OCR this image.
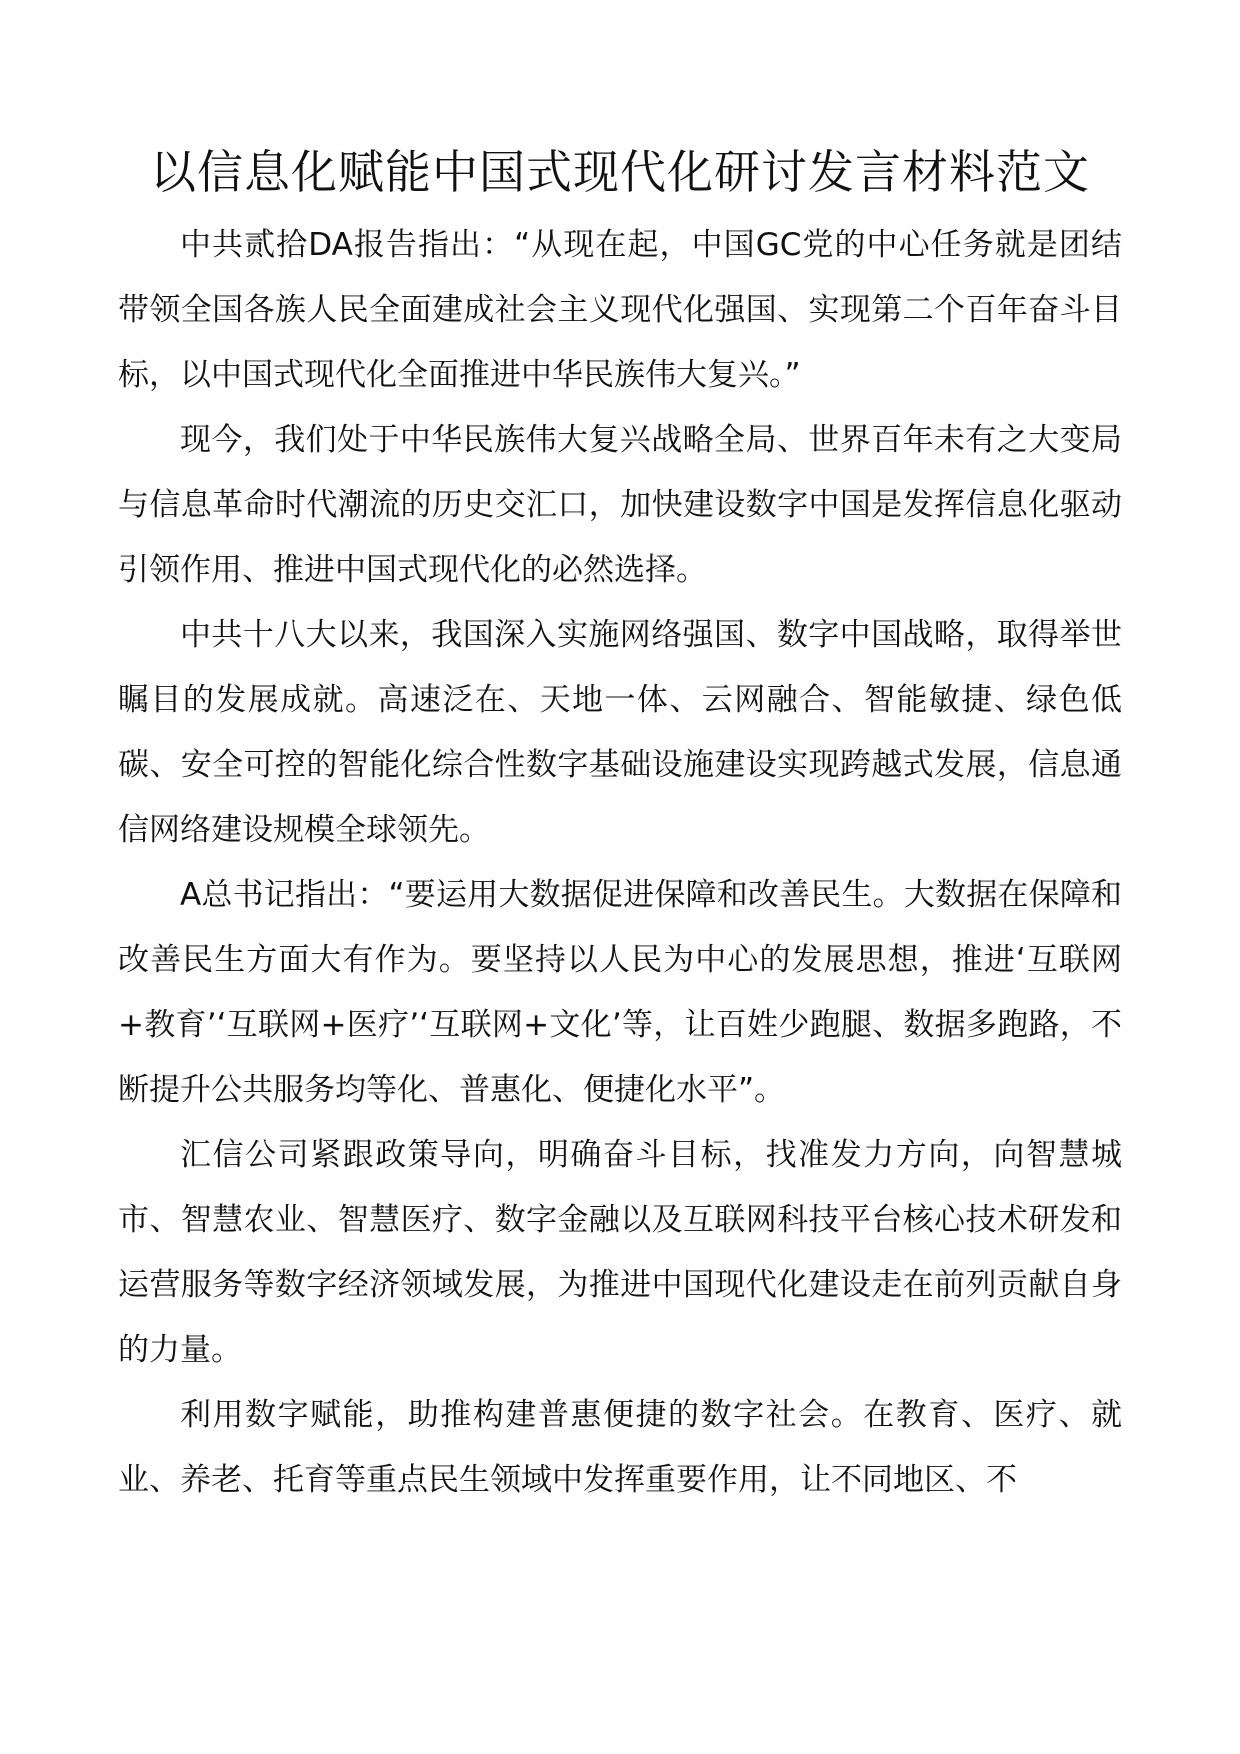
以信息化赋能中国式现代化研讨发言材料范文

中共贰拾DA报告指出：“从现在起，中国GC党的中心任务就是团结带领全国各族人民全面建成社会主义现代化强国、实现第二个百年奋斗目标，以中国式现代化全面推进中华民族伟大复兴。”

现今，我们处于中华民族伟大复兴战略全局、世界百年未有之大变局与信息革命时代潮流的历史交汇口，加快建设数字中国是发挥信息化驱动引领作用、推进中国式现代化的必然选择。

中共十八大以来，我国深入实施网络强国、数字中国战略，取得举世瞩目的发展成就。高速泛在、天地一体、云网融合、智能敏捷、绿色低碳、安全可控的智能化综合性数字基础设施建设实现跨越式发展，信息通信网络建设规模全球领先。

A总书记指出：“要运用大数据促进保障和改善民生。大数据在保障和改善民生方面大有作为。要坚持以人民为中心的发展思想，推进‘互联网+教育’‘互联网+医疗’‘互联网+文化’等，让百姓少跑腿、数据多跑路，不断提升公共服务均等化、普惠化、便捷化水平”。

汇信公司紧跟政策导向，明确奋斗目标，找准发力方向，向智慧城市、智慧农业、智慧医疗、数字金融以及互联网科技平台核心技术研发和运营服务等数字经济领域发展，为推进中国现代化建设走在前列贡献自身的力量。

利用数字赋能，助推构建普惠便捷的数字社会。在教育、医疗、就业、养老、托育等重点民生领域中发挥重要作用，让不同地区、不
